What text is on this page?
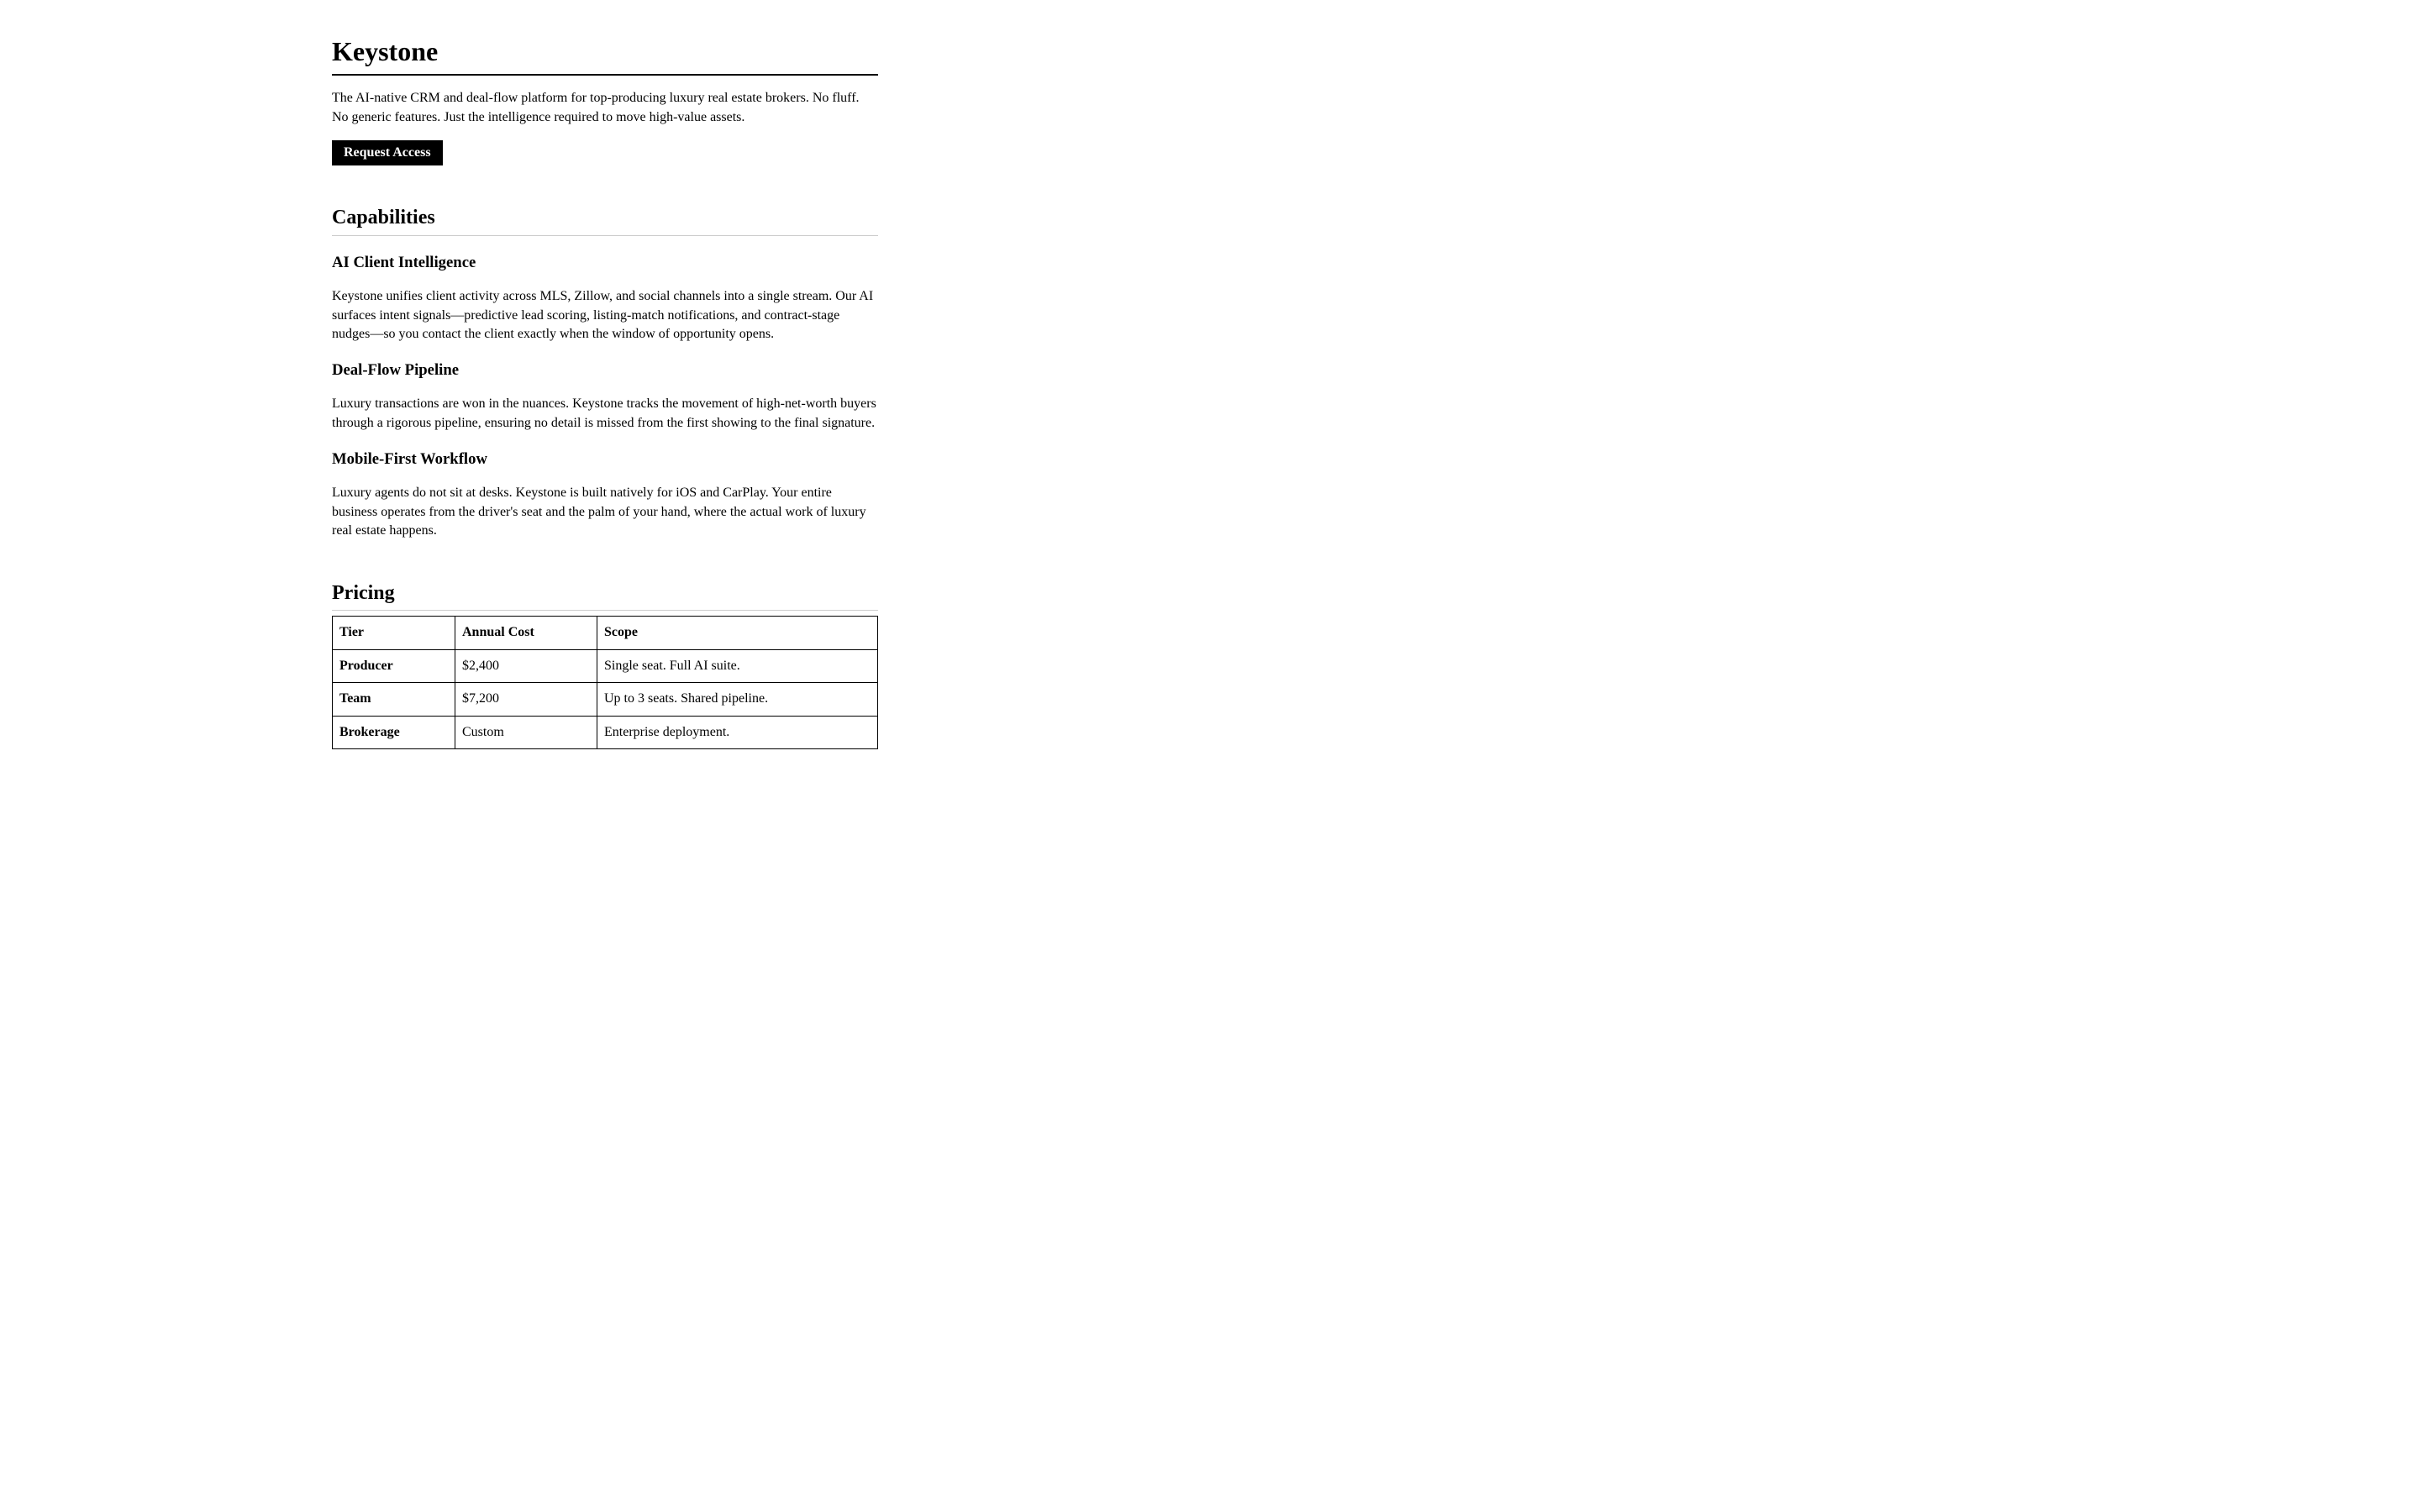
Keystone

The AI-native CRM and deal-flow platform for top-producing luxury real estate brokers. No fluff. No generic features. Just the intelligence required to move high-value assets.

Request Access
Capabilities
AI Client Intelligence

Keystone unifies client activity across MLS, Zillow, and social channels into a single stream. Our AI surfaces intent signals—predictive lead scoring, listing-match notifications, and contract-stage nudges—so you contact the client exactly when the window of opportunity opens.

Deal-Flow Pipeline

Luxury transactions are won in the nuances. Keystone tracks the movement of high-net-worth buyers through a rigorous pipeline, ensuring no detail is missed from the first showing to the final signature.

Mobile-First Workflow

Luxury agents do not sit at desks. Keystone is built natively for iOS and CarPlay. Your entire business operates from the driver's seat and the palm of your hand, where the actual work of luxury real estate happens.

Pricing
Tier	Annual Cost	Scope
Producer	$2,400	Single seat. Full AI suite.
Team	$7,200	Up to 3 seats. Shared pipeline.
Brokerage	Custom	Enterprise deployment.
